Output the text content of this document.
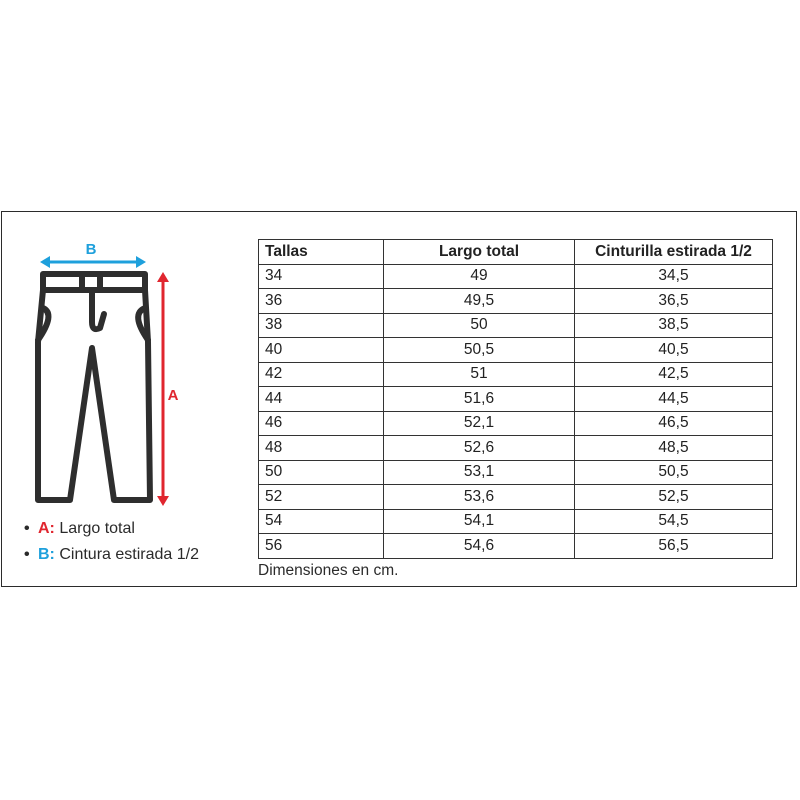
B
A
• A: Largo total
• B: Cintura estirada 1/2
Tallas	Largo total	Cinturilla estirada 1/2
34	49	34,5
36	49,5	36,5
38	50	38,5
40	50,5	40,5
42	51	42,5
44	51,6	44,5
46	52,1	46,5
48	52,6	48,5
50	53,1	50,5
52	53,6	52,5
54	54,1	54,5
56	54,6	56,5
Dimensiones en cm.
